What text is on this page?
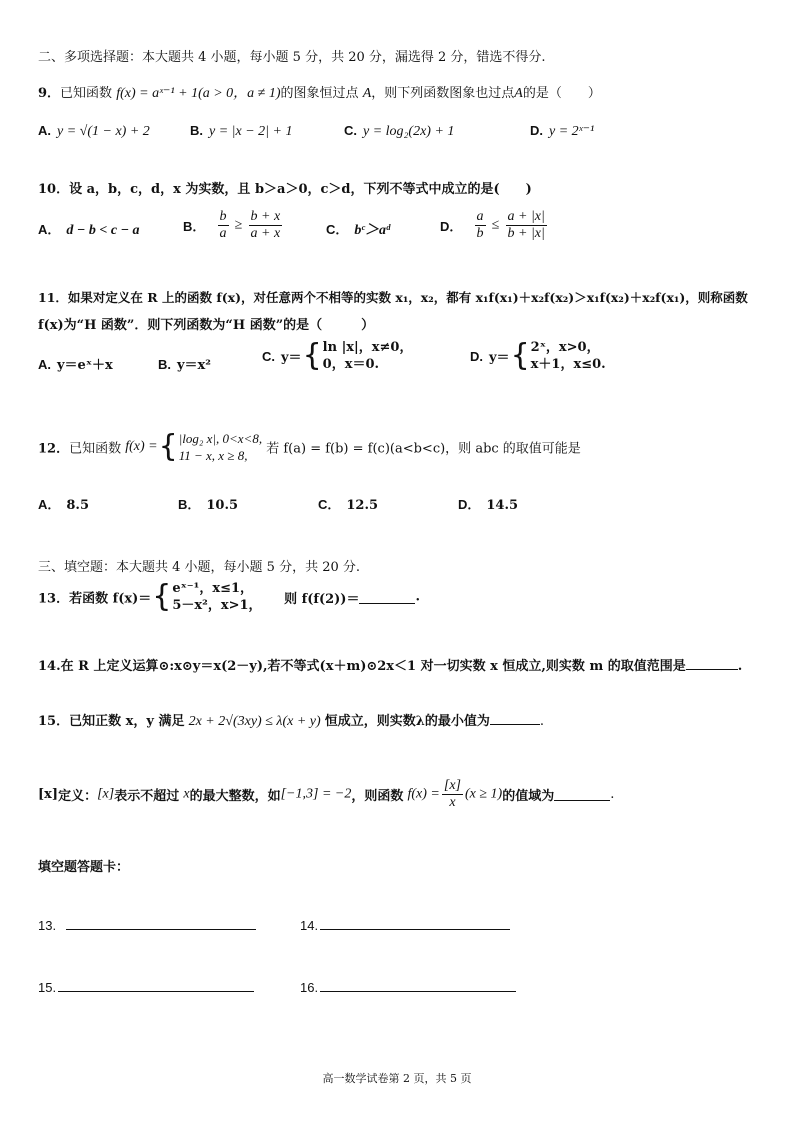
二、多项选择题：本大题共 4 小题，每小题 5 分，共 20 分，漏选得 2 分，错选不得分.
9．已知函数 f(x) = aˣ⁻¹ + 1(a > 0，a ≠ 1)的图象恒过点 A，则下列函数图象也过点A的是（　　）
A. y = √(1 − x) + 2	B. y = |x − 2| + 1	C. y = log₂(2x) + 1	D. y = 2ˣ⁻¹
10．设 a，b，c，d，x 为实数，且 b＞a＞0，c＞d，下列不等式中成立的是(　　)
A． d − b < c − a	B． $\frac{b}{a} \ge \frac{b + x}{a + x}$	C． bᶜ＞aᵈ	D． $\frac{a}{b} \le \frac{a + |x|}{b + |x|}$
11．如果对定义在 R 上的函数 f(x)，对任意两个不相等的实数 x₁，x₂，都有 x₁f(x₁)＋x₂f(x₂)＞x₁f(x₂)＋x₂f(x₁)，则称函数
f(x)为“H 函数”．则下列函数为“H 函数”的是（　　　）
A. y＝eˣ＋x	B. y＝x²
C. y＝{ ln |x|，x≠0，
0，x＝0.
D. y＝{ 2ˣ，x>0，
x＋1，x≤0.
12．已知函数 f(x) ={ |log₂ x|, 0<x<8,
11 − x, x ≥ 8,	若 f(a) = f(b) = f(c)(a<b<c)，则 abc 的取值可能是
A． 8.5	B． 10.5	C． 12.5	D． 14.5
三、填空题：本大题共 4 小题，每小题 5 分，共 20 分.
13．若函数 f(x)＝{ eˣ⁻¹，x≤1，
5－x²，x>1， 则 f(f(2))＝	.
14.在 R 上定义运算⊙:x⊙y＝x(2－y),若不等式(x＋m)⊙2x＜1 对一切实数 x 恒成立,则实数 m 的取值范围是	.
15．已知正数 x，y 满足 2x + 2√(3xy) ≤ λ(x + y) 恒成立，则实数λ的最小值为	.
[x]定义：[x]表示不超过 x的最大整数，如[−1,3] = −2，则函数 $f(x) = \frac{[x]}{x} (x \ge 1)$的值域为	.
填空题答题卡：
13.	14.
15.	16.
高一数学试卷第 2 页，共 5 页
